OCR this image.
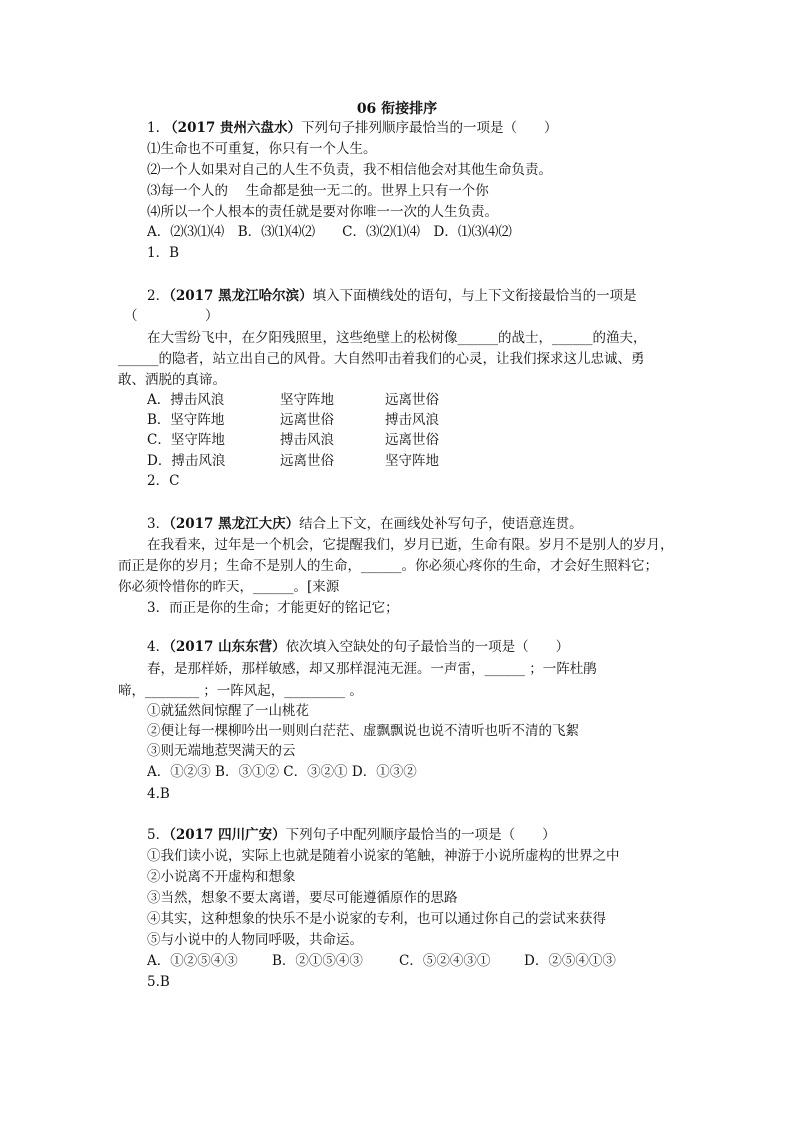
06 衔接排序
1. （2017 贵州六盘水）下列句子排列顺序最恰当的一项是（　　）
⑴生命也不可重复，你只有一个人生。
⑵一个人如果对自己的人生不负责，我不相信他会对其他生命负责。
⑶每一个人的　 生命都是独一无二的。世界上只有一个你
⑷所以一个人根本的责任就是要对你唯一一次的人生负责。
A．⑵⑶⑴⑷　B．⑶⑴⑷⑵　　C．⑶⑵⑴⑷　D．⑴⑶⑷⑵
1．B
2．（2017 黑龙江哈尔滨）填入下面横线处的语句，与上下文衔接最恰当的一项是
（　　　　　）
在大雪纷飞中，在夕阳残照里，这些绝壁上的松树像______的战士，______的渔夫，
______的隐者，站立出自己的风骨。大自然叩击着我们的心灵，让我们探求这儿忠诚、勇
敢、洒脱的真谛。
A．搏击风浪	坚守阵地	远离世俗
B．坚守阵地	远离世俗	搏击风浪
C．坚守阵地	搏击风浪	远离世俗
D．搏击风浪	远离世俗	坚守阵地
2．C
3．（2017 黑龙江大庆）结合上下文，在画线处补写句子，使语意连贯。
在我看来，过年是一个机会，它提醒我们，岁月已逝，生命有限。岁月不是别人的岁月，
而正是你的岁月；生命不是别人的生命，______。你必须心疼你的生命，才会好生照料它；
你必须怜惜你的昨天，______。[来源
3．而正是你的生命；才能更好的铭记它；
4．（2017 山东东营）依次填入空缺处的句子最恰当的一项是（　　）
春，是那样娇，那样敏感，却又那样混沌无涯。一声雷，______ ；一阵杜鹃
啼，________ ；一阵风起，_________ 。
①就猛然间惊醒了一山桃花
②便让每一棵柳吟出一则则白茫茫、虚飘飘说也说不清听也听不清的飞絮
③则无端地惹哭满天的云
A．①②③ B．③①② C．③②① D．①③②
4.B
5．（2017 四川广安）下列句子中配列顺序最恰当的一项是（　　）
①我们读小说，实际上也就是随着小说家的笔触，神游于小说所虚构的世界之中
②小说离不开虚构和想象
③当然，想象不要太离谱，要尽可能遵循原作的思路
④其实，这种想象的快乐不是小说家的专利，也可以通过你自己的尝试来获得
⑤与小说中的人物同呼吸，共命运。
A．①②⑤④③	B．②①⑤④③	C．⑤②④③① D．②⑤④①③
5.B
